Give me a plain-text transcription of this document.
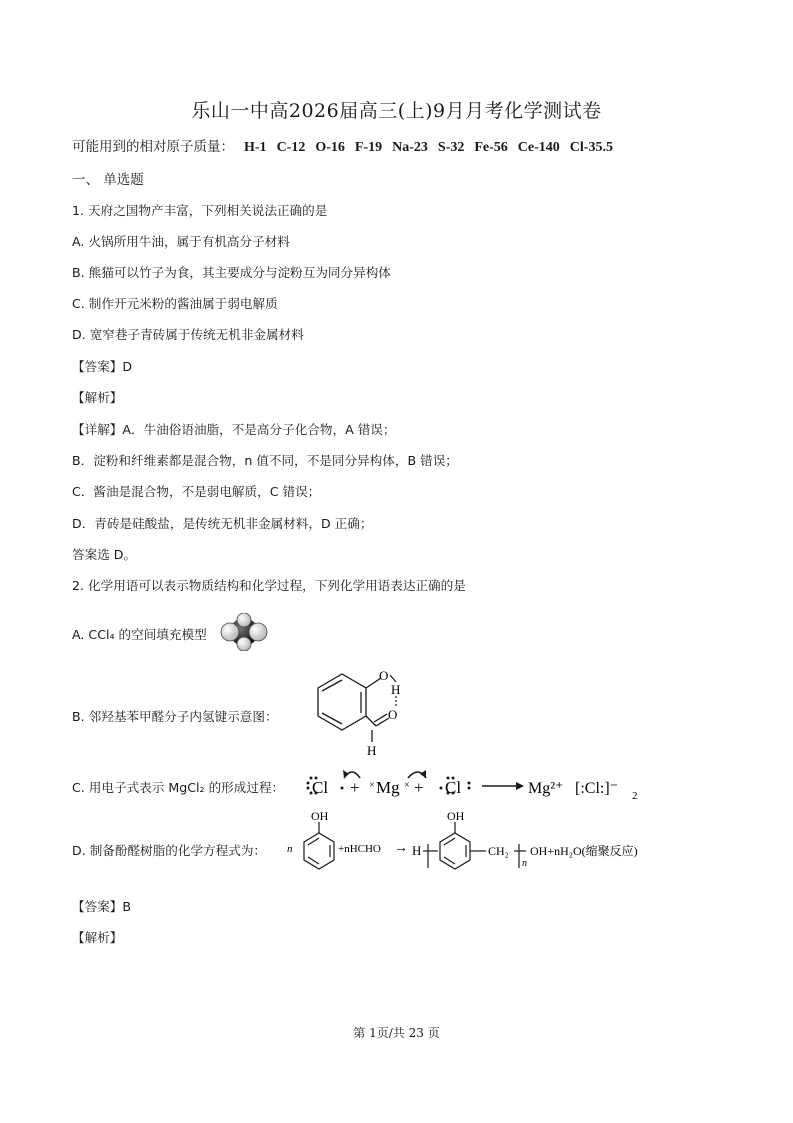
乐山一中高2026届高三(上)9月月考化学测试卷
可能用到的相对原子质量： H-1 C-12 O-16 F-19 Na-23 S-32 Fe-56 Ce-140 Cl-35.5
一、 单选题
1. 天府之国物产丰富，下列相关说法正确的是
A. 火锅所用牛油，属于有机高分子材料
B. 熊猫可以竹子为食，其主要成分与淀粉互为同分异构体
C. 制作开元米粉的酱油属于弱电解质
D. 宽窄巷子青砖属于传统无机非金属材料
【答案】D
【解析】
【详解】A．牛油俗语油脂，不是高分子化合物，A 错误；
B．淀粉和纤维素都是混合物，n 值不同，不是同分异构体，B 错误；
C．酱油是混合物，不是弱电解质，C 错误；
D．青砖是硅酸盐，是传统无机非金属材料，D 正确；
答案选 D。
2. 化学用语可以表示物质结构和化学过程，下列化学用语表达正确的是
A. CCl₄ 的空间填充模型
B. 邻羟基苯甲醛分子内氢键示意图：
O
H
O
H
C. 用电子式表示 MgCl₂ 的形成过程： Cl + × Mg × + Cl	Mg²⁺ [:Cl:]⁻ 2
D. 制备酚醛树脂的化学方程式为： n
OH
+nHCHO → H
OH
CH₂
n
OH+nH₂O(缩聚反应)
【答案】B
【解析】
第 1页/共 23 页
